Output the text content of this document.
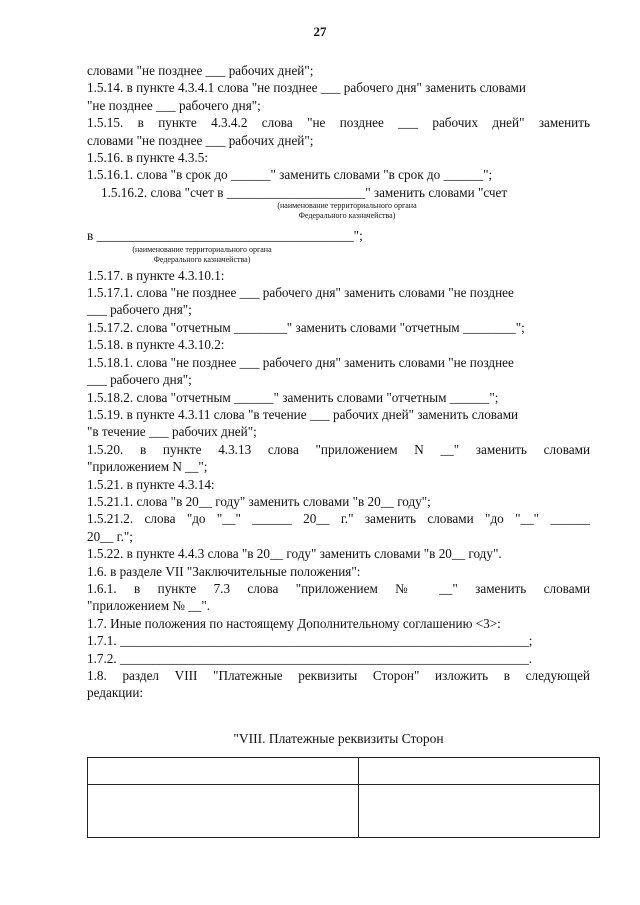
27

словами "не позднее ___ рабочих дней";

1.5.14. в пункте 4.3.4.1 слова "не позднее ___ рабочего дня" заменить словами

"не позднее ___ рабочего дня";

1.5.15. в пункте 4.3.4.2 слова "не позднее ___ рабочих дней" заменить

словами "не позднее ___ рабочих дней";

1.5.16. в пункте 4.3.5:

1.5.16.1. слова "в срок до ______" заменить словами "в срок до ______";

1.5.16.2. слова "счет в _____________________" заменить словами "счет

(наименование территориального органа
Федерального казначейства)

в _______________________________________";

(наименование территориального органа
Федерального казначейства)

1.5.17. в пункте 4.3.10.1:

1.5.17.1. слова "не позднее ___ рабочего дня" заменить словами "не позднее

___ рабочего дня";

1.5.17.2. слова "отчетным ________" заменить словами "отчетным ________";

1.5.18. в пункте 4.3.10.2:

1.5.18.1. слова "не позднее ___ рабочего дня" заменить словами "не позднее

___ рабочего дня";

1.5.18.2. слова "отчетным ______" заменить словами "отчетным ______";

1.5.19. в пункте 4.3.11 слова "в течение ___ рабочих дней" заменить словами

"в течение ___ рабочих дней";

1.5.20. в пункте 4.3.13 слова "приложением N __" заменить словами

"приложением N __";

1.5.21. в пункте 4.3.14:

1.5.21.1. слова "в 20__ году" заменить словами "в 20__ году";

1.5.21.2. слова "до "__" ______ 20__ г." заменить словами "до "__" ______

20__ г.";

1.5.22. в пункте 4.4.3 слова "в 20__ году" заменить словами "в 20__ году".

1.6. в разделе VII "Заключительные положения":

1.6.1. в пункте 7.3 слова "приложением № __" заменить словами

"приложением № __".

1.7. Иные положения по настоящему Дополнительному соглашению <3>:

1.7.1. ______________________________________________________________;

1.7.2. ______________________________________________________________.

1.8. раздел VIII "Платежные реквизиты Сторон" изложить в следующей

редакции:

"VIII. Платежные реквизиты Сторон
